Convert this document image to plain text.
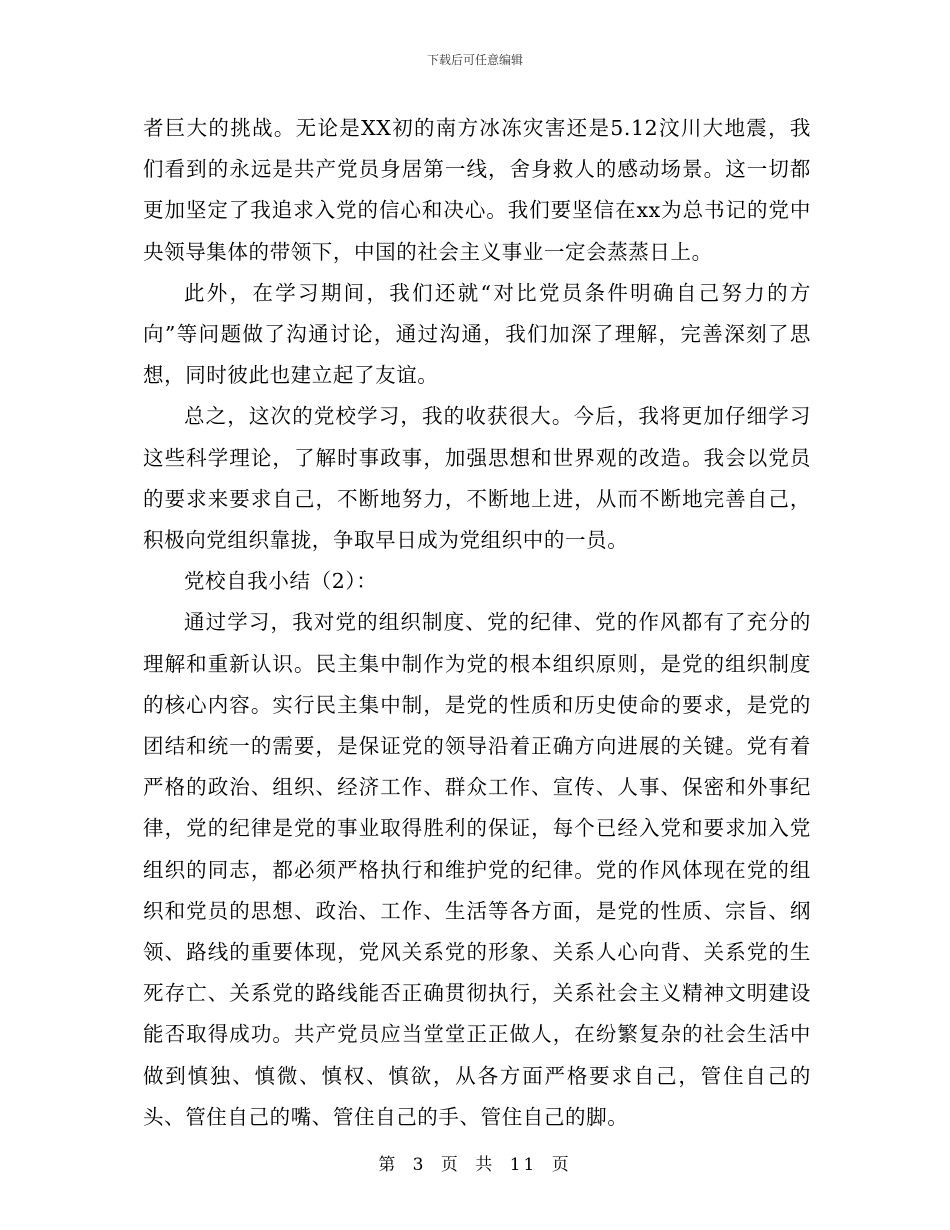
下载后可任意编辑

者巨大的挑战。无论是XX初的南方冰冻灾害还是5.12汶川大地震，我们看到的永远是共产党员身居第一线，舍身救人的感动场景。这一切都更加坚定了我追求入党的信心和决心。我们要坚信在xx为总书记的党中央领导集体的带领下，中国的社会主义事业一定会蒸蒸日上。

此外，在学习期间，我们还就“对比党员条件明确自己努力的方向”等问题做了沟通讨论，通过沟通，我们加深了理解，完善深刻了思想，同时彼此也建立起了友谊。

总之，这次的党校学习，我的收获很大。今后，我将更加仔细学习这些科学理论，了解时事政事，加强思想和世界观的改造。我会以党员的要求来要求自己，不断地努力，不断地上进，从而不断地完善自己，积极向党组织靠拢，争取早日成为党组织中的一员。

党校自我小结（2）：

通过学习，我对党的组织制度、党的纪律、党的作风都有了充分的理解和重新认识。民主集中制作为党的根本组织原则，是党的组织制度的核心内容。实行民主集中制，是党的性质和历史使命的要求，是党的团结和统一的需要，是保证党的领导沿着正确方向进展的关键。党有着严格的政治、组织、经济工作、群众工作、宣传、人事、保密和外事纪律，党的纪律是党的事业取得胜利的保证，每个已经入党和要求加入党组织的同志，都必须严格执行和维护党的纪律。党的作风体现在党的组织和党员的思想、政治、工作、生活等各方面，是党的性质、宗旨、纲领、路线的重要体现，党风关系党的形象、关系人心向背、关系党的生死存亡、关系党的路线能否正确贯彻执行，关系社会主义精神文明建设能否取得成功。共产党员应当堂堂正正做人，在纷繁复杂的社会生活中做到慎独、慎微、慎权、慎欲，从各方面严格要求自己，管住自己的头、管住自己的嘴、管住自己的手、管住自己的脚。

第 3 页 共 11 页
